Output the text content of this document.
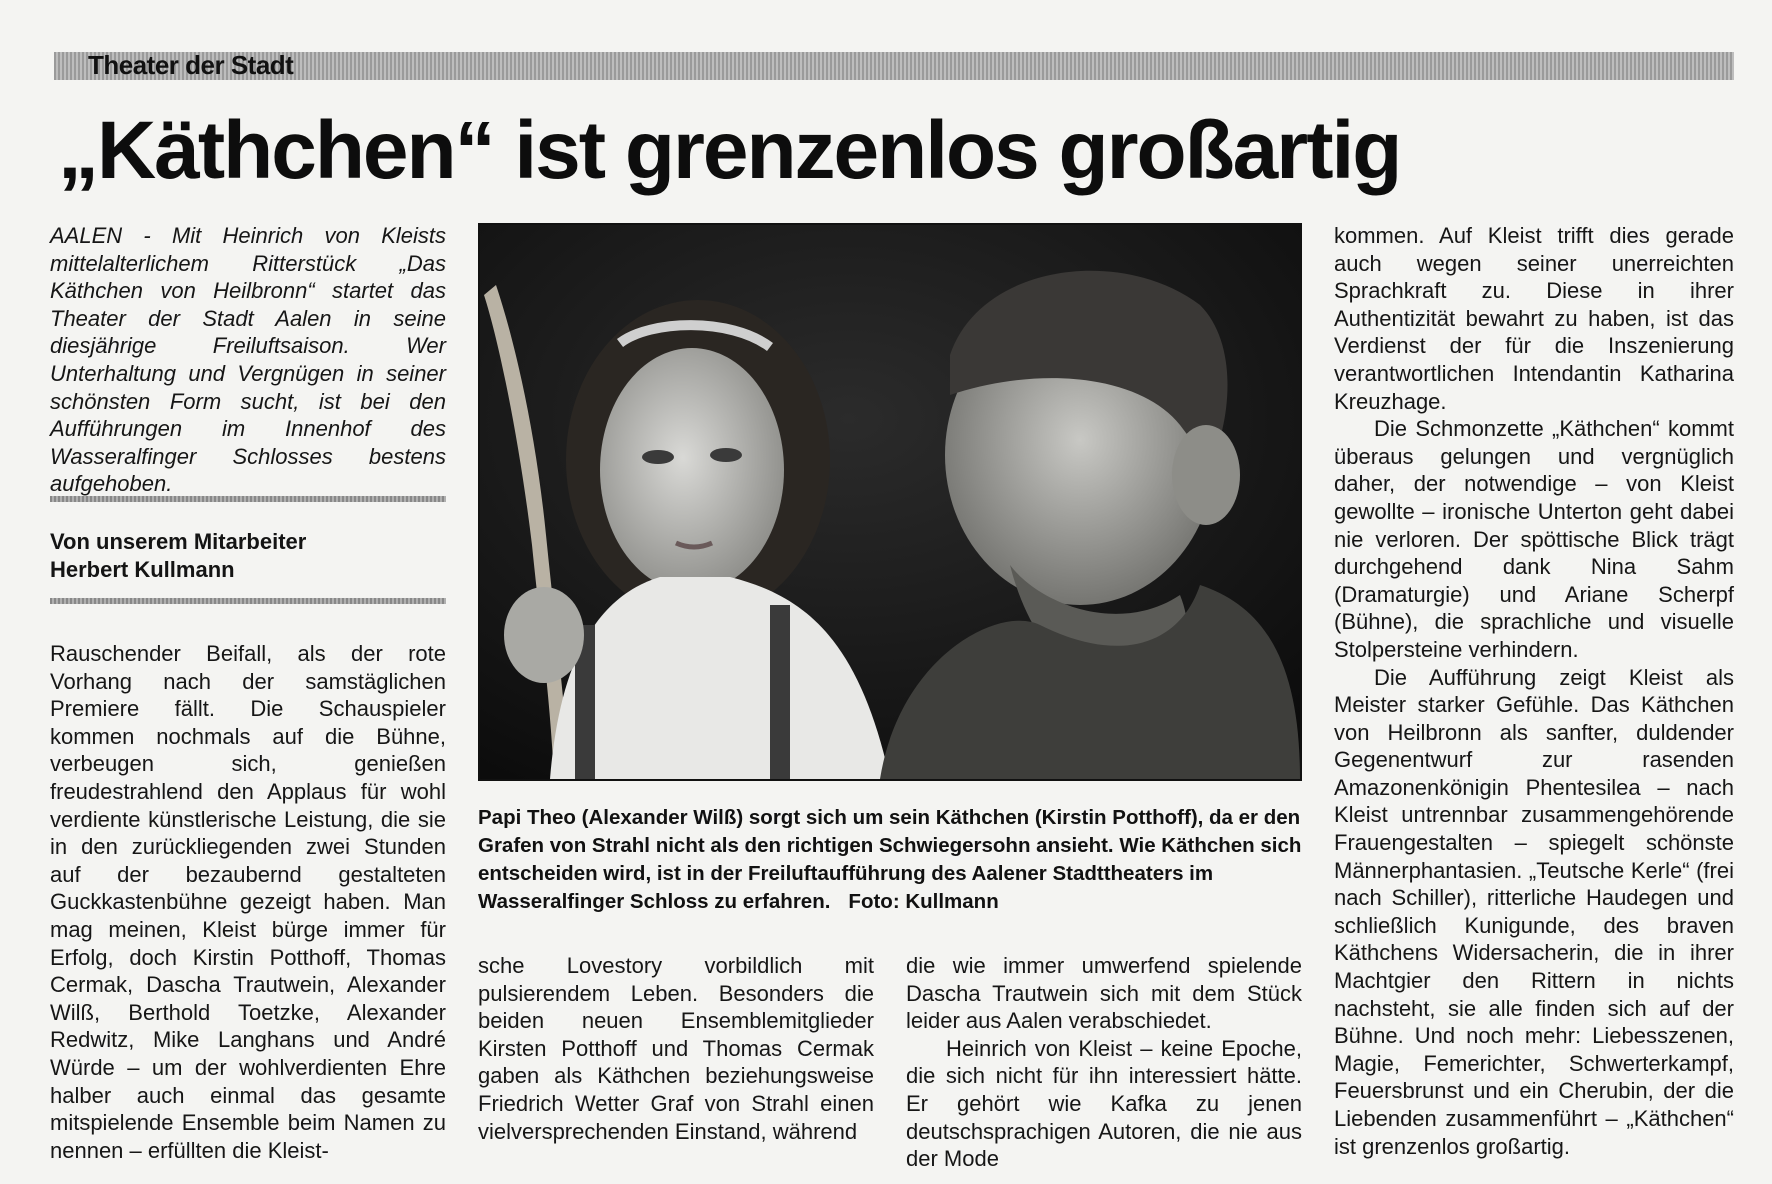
Theater der Stadt
„Käthchen“ ist grenzenlos großartig
AALEN - Mit Heinrich von Kleists mittelalterlichem Ritterstück „Das Käthchen von Heilbronn“ startet das Theater der Stadt Aalen in seine diesjährige Freiluftsaison. Wer Unterhaltung und Vergnügen in seiner schönsten Form sucht, ist bei den Aufführungen im Innenhof des Wasseralfinger Schlosses bestens aufgehoben.
Von unserem Mitarbeiter
Herbert Kullmann

Rauschender Beifall, als der rote Vorhang nach der samstäglichen Premiere fällt. Die Schauspieler kommen nochmals auf die Bühne, verbeugen sich, genießen freudestrahlend den Applaus für wohl verdiente künstlerische Leistung, die sie in den zurückliegenden zwei Stunden auf der bezaubernd gestalteten Guckkastenbühne gezeigt haben. Man mag meinen, Kleist bürge immer für Erfolg, doch Kirstin Potthoff, Thomas Cermak, Dascha Trautwein, Alexander Wilß, Berthold Toetzke, Alexander Redwitz, Mike Langhans und André Würde – um der wohlverdienten Ehre halber auch einmal das gesamte mitspielende Ensemble beim Namen zu nennen – erfüllten die Kleist-

Papi Theo (Alexander Wilß) sorgt sich um sein Käthchen (Kirstin Potthoff), da er den Grafen von Strahl nicht als den richtigen Schwiegersohn ansieht. Wie Käthchen sich entscheiden wird, ist in der Freiluftaufführung des Aalener Stadttheaters im Wasseralfinger Schloss zu erfahren. Foto: Kullmann

sche Lovestory vorbildlich mit pulsierendem Leben. Besonders die beiden neuen Ensemblemitglieder Kirsten Potthoff und Thomas Cermak gaben als Käthchen beziehungsweise Friedrich Wetter Graf von Strahl einen vielversprechenden Einstand, während

die wie immer umwerfend spielende Dascha Trautwein sich mit dem Stück leider aus Aalen verabschiedet.

Heinrich von Kleist – keine Epoche, die sich nicht für ihn interessiert hätte. Er gehört wie Kafka zu jenen deutschsprachigen Autoren, die nie aus der Mode

kommen. Auf Kleist trifft dies gerade auch wegen seiner unerreichten Sprachkraft zu. Diese in ihrer Authentizität bewahrt zu haben, ist das Verdienst der für die Inszenierung verantwortlichen Intendantin Katharina Kreuzhage.

Die Schmonzette „Käthchen“ kommt überaus gelungen und vergnüglich daher, der notwendige – von Kleist gewollte – ironische Unterton geht dabei nie verloren. Der spöttische Blick trägt durchgehend dank Nina Sahm (Dramaturgie) und Ariane Scherpf (Bühne), die sprachliche und visuelle Stolpersteine verhindern.

Die Aufführung zeigt Kleist als Meister starker Gefühle. Das Käthchen von Heilbronn als sanfter, duldender Gegenentwurf zur rasenden Amazonenkönigin Phentesilea – nach Kleist untrennbar zusammengehörende Frauengestalten – spiegelt schönste Männerphantasien. „Teutsche Kerle“ (frei nach Schiller), ritterliche Haudegen und schließlich Kunigunde, des braven Käthchens Widersacherin, die in ihrer Machtgier den Rittern in nichts nachsteht, sie alle finden sich auf der Bühne. Und noch mehr: Liebesszenen, Magie, Femerichter, Schwerterkampf, Feuersbrunst und ein Cherubin, der die Liebenden zusammenführt – „Käthchen“ ist grenzenlos großartig.
